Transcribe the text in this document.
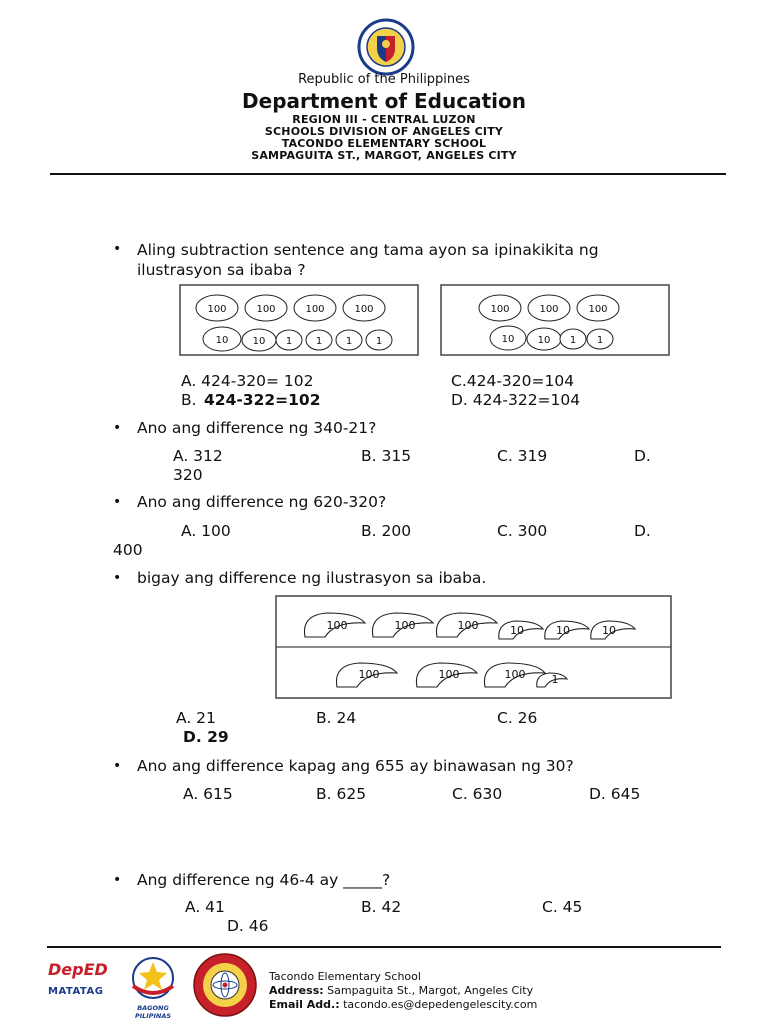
Republic of the Philippines
Department of Education
REGION III - CENTRAL LUZON
SCHOOLS DIVISION OF ANGELES CITY
TACONDO ELEMENTARY SCHOOL
SAMPAGUITA ST., MARGOT, ANGELES CITY
• Aling subtraction sentence ang tama ayon sa ipinakikita ng
ilustrasyon sa ibaba ?
100	100	100	100
10 10 1 1 1 1
100	100	100
10 10 1 1
A. 424-320= 102
B. 424-322=102
C.424-320=104
D. 424-322=104
• Ano ang difference ng 340-21?
A. 312	B. 315	C. 319	D.
320
• Ano ang difference ng 620-320?
A. 100	B. 200	C. 300	D.
400
• bigay ang difference ng ilustrasyon sa ibaba.
100	100	100	10	10	10
100	100	100 1
A. 21	B. 24	C. 26
D. 29
• Ano ang difference kapag ang 655 ay binawasan ng 30?
A. 615	B. 625	C. 630	D. 645
• Ang difference ng 46-4 ay _____?
A. 41	B. 42	C. 45
D. 46
DepED
MATATAG
BAGONG PILIPINAS
Tacondo Elementary School
Address: Sampaguita St., Margot, Angeles City
Email Add.: tacondo.es@depedengelescity.com
